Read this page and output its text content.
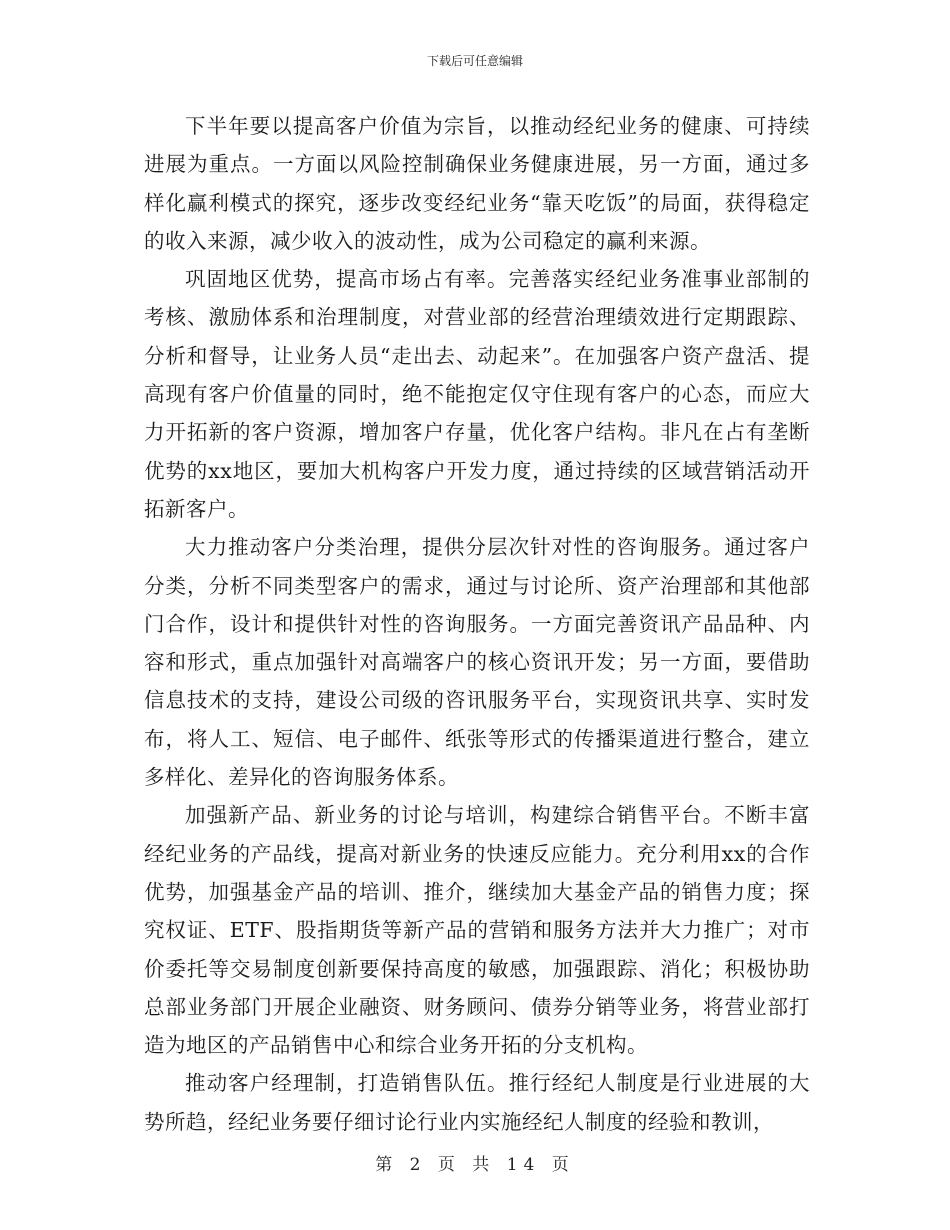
下载后可任意编辑

下半年要以提高客户价值为宗旨，以推动经纪业务的健康、可持续进展为重点。一方面以风险控制确保业务健康进展，另一方面，通过多样化赢利模式的探究，逐步改变经纪业务“靠天吃饭”的局面，获得稳定的收入来源，减少收入的波动性，成为公司稳定的赢利来源。

巩固地区优势，提高市场占有率。完善落实经纪业务准事业部制的考核、激励体系和治理制度，对营业部的经营治理绩效进行定期跟踪、分析和督导，让业务人员“走出去、动起来”。在加强客户资产盘活、提高现有客户价值量的同时，绝不能抱定仅守住现有客户的心态，而应大力开拓新的客户资源，增加客户存量，优化客户结构。非凡在占有垄断优势的xx地区，要加大机构客户开发力度，通过持续的区域营销活动开拓新客户。

大力推动客户分类治理，提供分层次针对性的咨询服务。通过客户分类，分析不同类型客户的需求，通过与讨论所、资产治理部和其他部门合作，设计和提供针对性的咨询服务。一方面完善资讯产品品种、内容和形式，重点加强针对高端客户的核心资讯开发；另一方面，要借助信息技术的支持，建设公司级的咨讯服务平台，实现资讯共享、实时发布，将人工、短信、电子邮件、纸张等形式的传播渠道进行整合，建立多样化、差异化的咨询服务体系。

加强新产品、新业务的讨论与培训，构建综合销售平台。不断丰富经纪业务的产品线，提高对新业务的快速反应能力。充分利用xx的合作优势，加强基金产品的培训、推介，继续加大基金产品的销售力度；探究权证、ETF、股指期货等新产品的营销和服务方法并大力推广；对市价委托等交易制度创新要保持高度的敏感，加强跟踪、消化；积极协助总部业务部门开展企业融资、财务顾问、债券分销等业务，将营业部打造为地区的产品销售中心和综合业务开拓的分支机构。

推动客户经理制，打造销售队伍。推行经纪人制度是行业进展的大势所趋，经纪业务要仔细讨论行业内实施经纪人制度的经验和教训，

第 2 页 共 14 页
